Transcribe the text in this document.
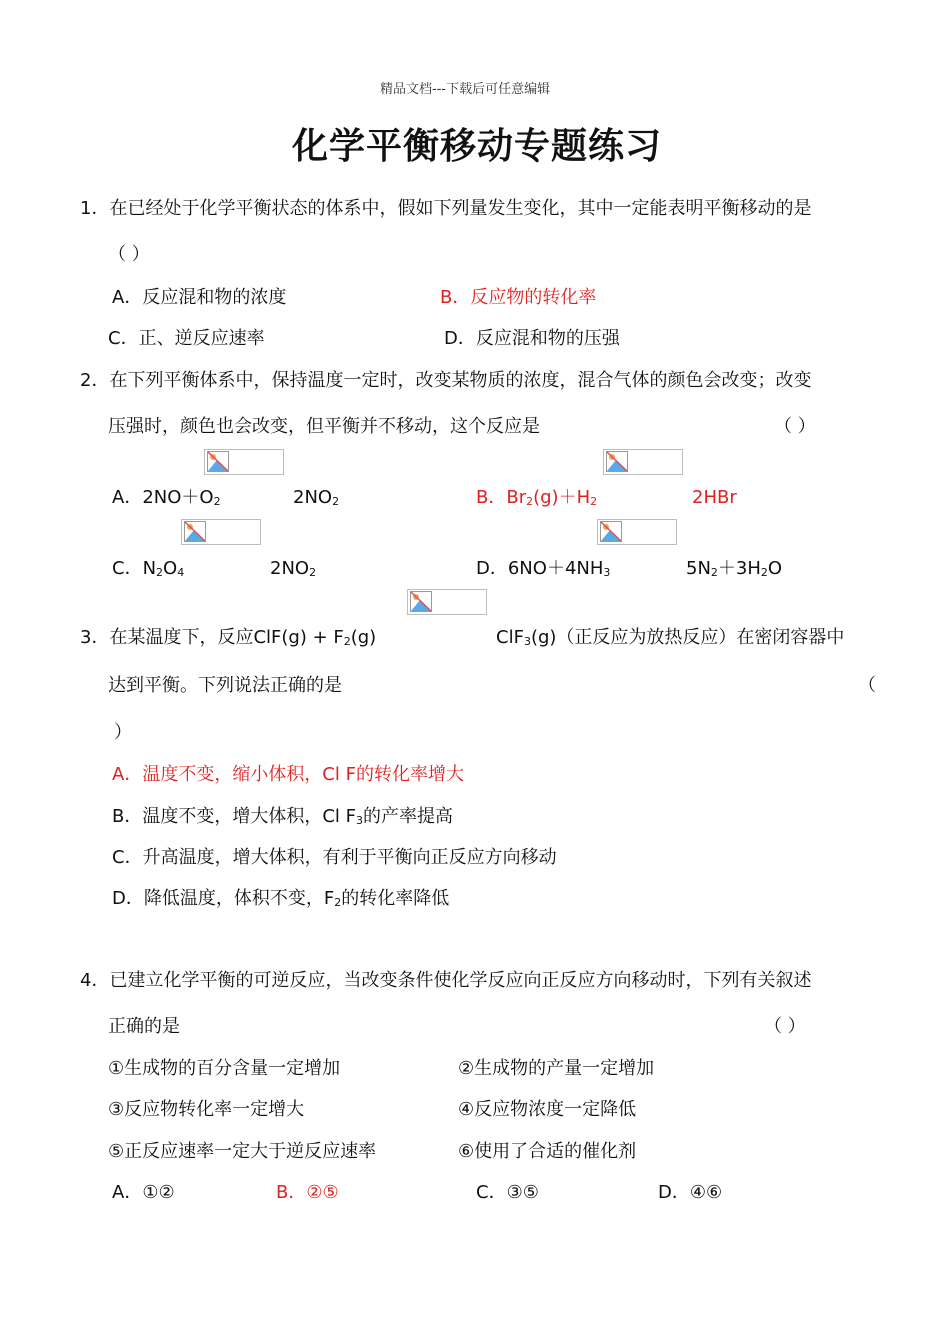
精品文档---下载后可任意编辑
化学平衡移动专题练习
1．在已经处于化学平衡状态的体系中，假如下列量发生变化，其中一定能表明平衡移动的是
（ ）
A．反应混和物的浓度	B．反应物的转化率
C．正、逆反应速率	D．反应混和物的压强
2．在下列平衡体系中，保持温度一定时，改变某物质的浓度，混合气体的颜色会改变；改变
压强时，颜色也会改变，但平衡并不移动，这个反应是	（ ）
A．$2NO+O_2$	$2NO_2$	B．$Br_2(g)+H_2$	2HBr
C．$N_2O_4$	$2NO_2$	D．$6NO+4NH_3$	$5N_2+3H_2O$
3．在某温度下，反应$ClF(g) + F_2(g)$	ClF$_3$(g)（正反应为放热反应）在密闭容器中
达到平衡。下列说法正确的是	（
）
A．温度不变，缩小体积，Cl F的转化率增大
B．温度不变，增大体积，Cl $F_3$的产率提高
C．升高温度，增大体积，有利于平衡向正反应方向移动
D．降低温度，体积不变，$F_2$的转化率降低
4．已建立化学平衡的可逆反应，当改变条件使化学反应向正反应方向移动时，下列有关叙述
正确的是	（ ）
①生成物的百分含量一定增加	②生成物的产量一定增加
③反应物转化率一定增大	④反应物浓度一定降低
⑤正反应速率一定大于逆反应速率	⑥使用了合适的催化剂
A．①②	B．②⑤	C．③⑤	D．④⑥
